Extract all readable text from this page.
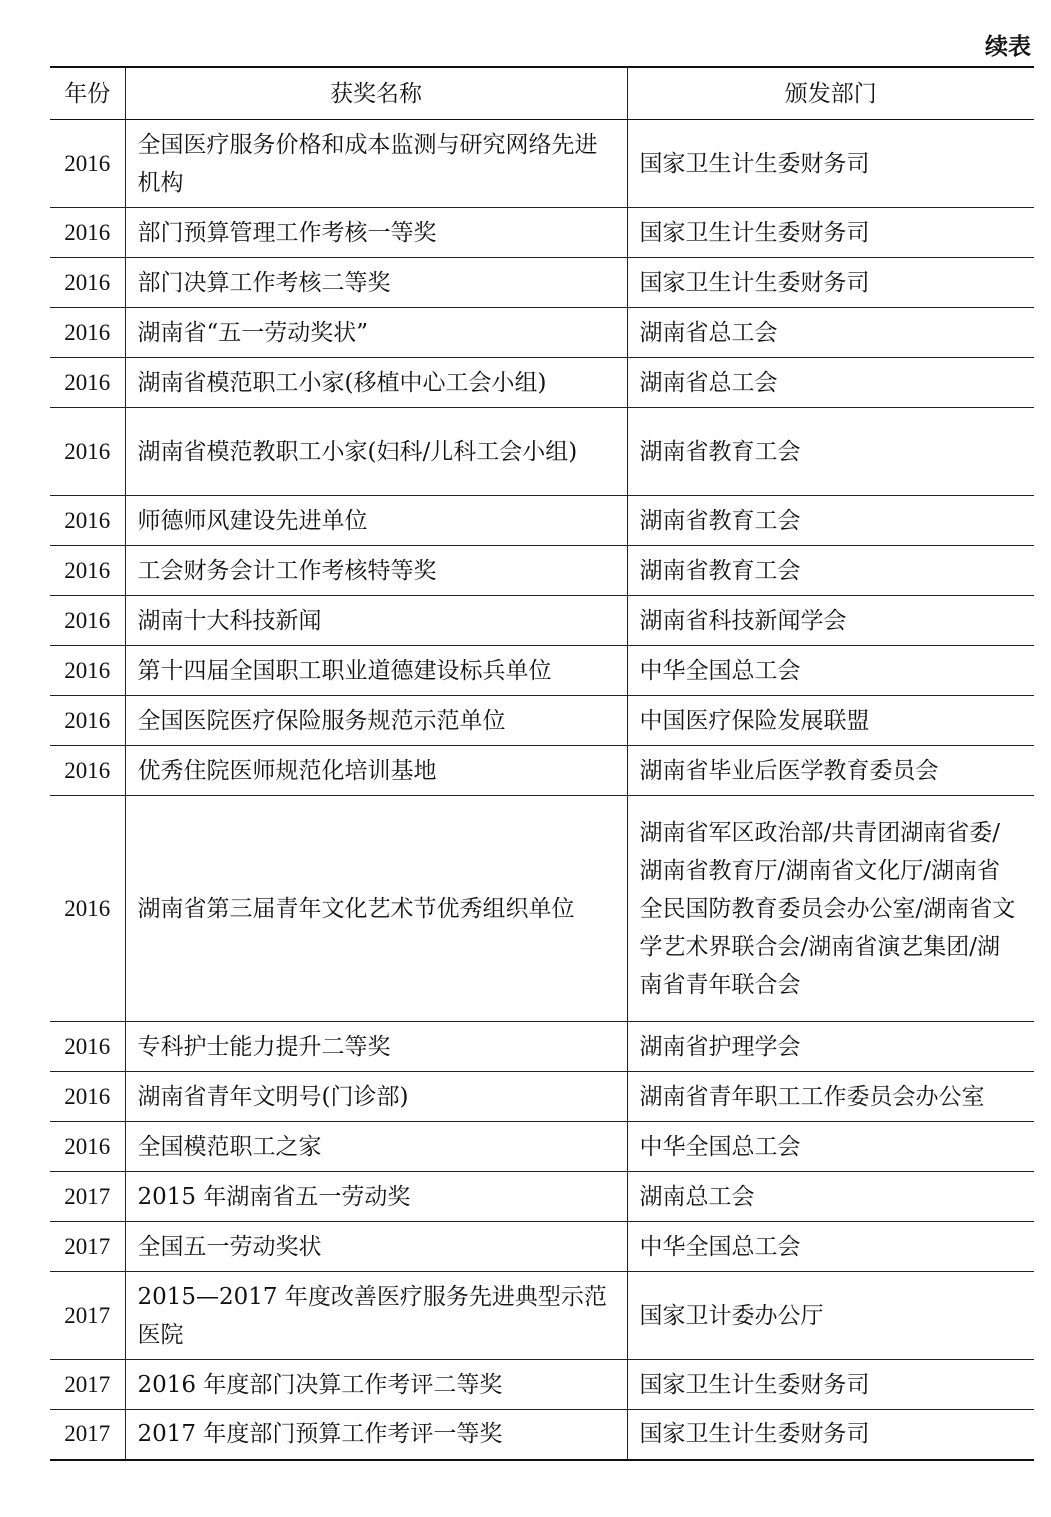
续表
年份	获奖名称	颁发部门
2016	全国医疗服务价格和成本监测与研究网络先进机构	国家卫生计生委财务司
2016	部门预算管理工作考核一等奖	国家卫生计生委财务司
2016	部门决算工作考核二等奖	国家卫生计生委财务司
2016	湖南省“五一劳动奖状”	湖南省总工会
2016	湖南省模范职工小家(移植中心工会小组)	湖南省总工会
2016	湖南省模范教职工小家(妇科/儿科工会小组)	湖南省教育工会
2016	师德师风建设先进单位	湖南省教育工会
2016	工会财务会计工作考核特等奖	湖南省教育工会
2016	湖南十大科技新闻	湖南省科技新闻学会
2016	第十四届全国职工职业道德建设标兵单位	中华全国总工会
2016	全国医院医疗保险服务规范示范单位	中国医疗保险发展联盟
2016	优秀住院医师规范化培训基地	湖南省毕业后医学教育委员会
2016	湖南省第三届青年文化艺术节优秀组织单位	湖南省军区政治部/共青团湖南省委/湖南省教育厅/湖南省文化厅/湖南省全民国防教育委员会办公室/湖南省文学艺术界联合会/湖南省演艺集团/湖南省青年联合会
2016	专科护士能力提升二等奖	湖南省护理学会
2016	湖南省青年文明号(门诊部)	湖南省青年职工工作委员会办公室
2016	全国模范职工之家	中华全国总工会
2017	2015 年湖南省五一劳动奖	湖南总工会
2017	全国五一劳动奖状	中华全国总工会
2017	2015—2017 年度改善医疗服务先进典型示范医院	国家卫计委办公厅
2017	2016 年度部门决算工作考评二等奖	国家卫生计生委财务司
2017	2017 年度部门预算工作考评一等奖	国家卫生计生委财务司
